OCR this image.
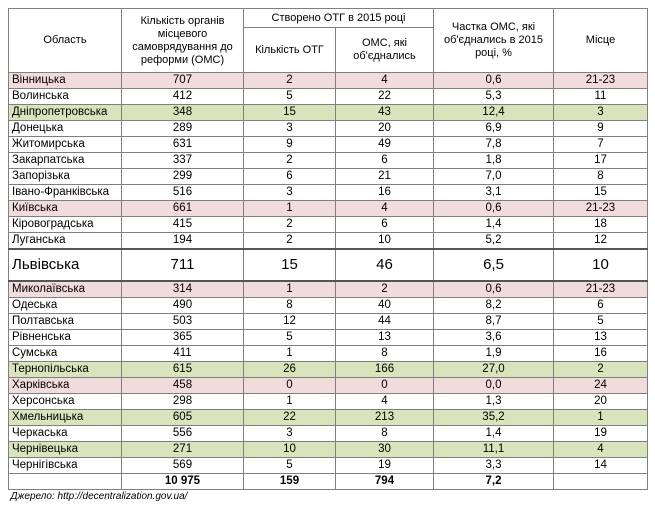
Область	Кількість органів місцевого самоврядування до реформи (ОМС)	Створено ОТГ в 2015 році		Частка ОМС, які об'єднались в 2015 році, %	Місце
		Кількість ОТГ	ОМС, які об'єднались		
Вінницька	707	2	4	0,6	21-23
Волинська	412	5	22	5,3	11
Дніпропетровська	348	15	43	12,4	3
Донецька	289	3	20	6,9	9
Житомирська	631	9	49	7,8	7
Закарпатська	337	2	6	1,8	17
Запорізька	299	6	21	7,0	8
Івано-Франківська	516	3	16	3,1	15
Київська	661	1	4	0,6	21-23
Кіровоградська	415	2	6	1,4	18
Луганська	194	2	10	5,2	12
Львівська	711	15	46	6,5	10
Миколаївська	314	1	2	0,6	21-23
Одеська	490	8	40	8,2	6
Полтавська	503	12	44	8,7	5
Рівненська	365	5	13	3,6	13
Сумська	411	1	8	1,9	16
Тернопільська	615	26	166	27,0	2
Харківська	458	0	0	0,0	24
Херсонська	298	1	4	1,3	20
Хмельницька	605	22	213	35,2	1
Черкаська	556	3	8	1,4	19
Чернівецька	271	10	30	11,1	4
Чернігівська	569	5	19	3,3	14
	10 975	159	794	7,2	
Джерело: http://decentralization.gov.ua/					
